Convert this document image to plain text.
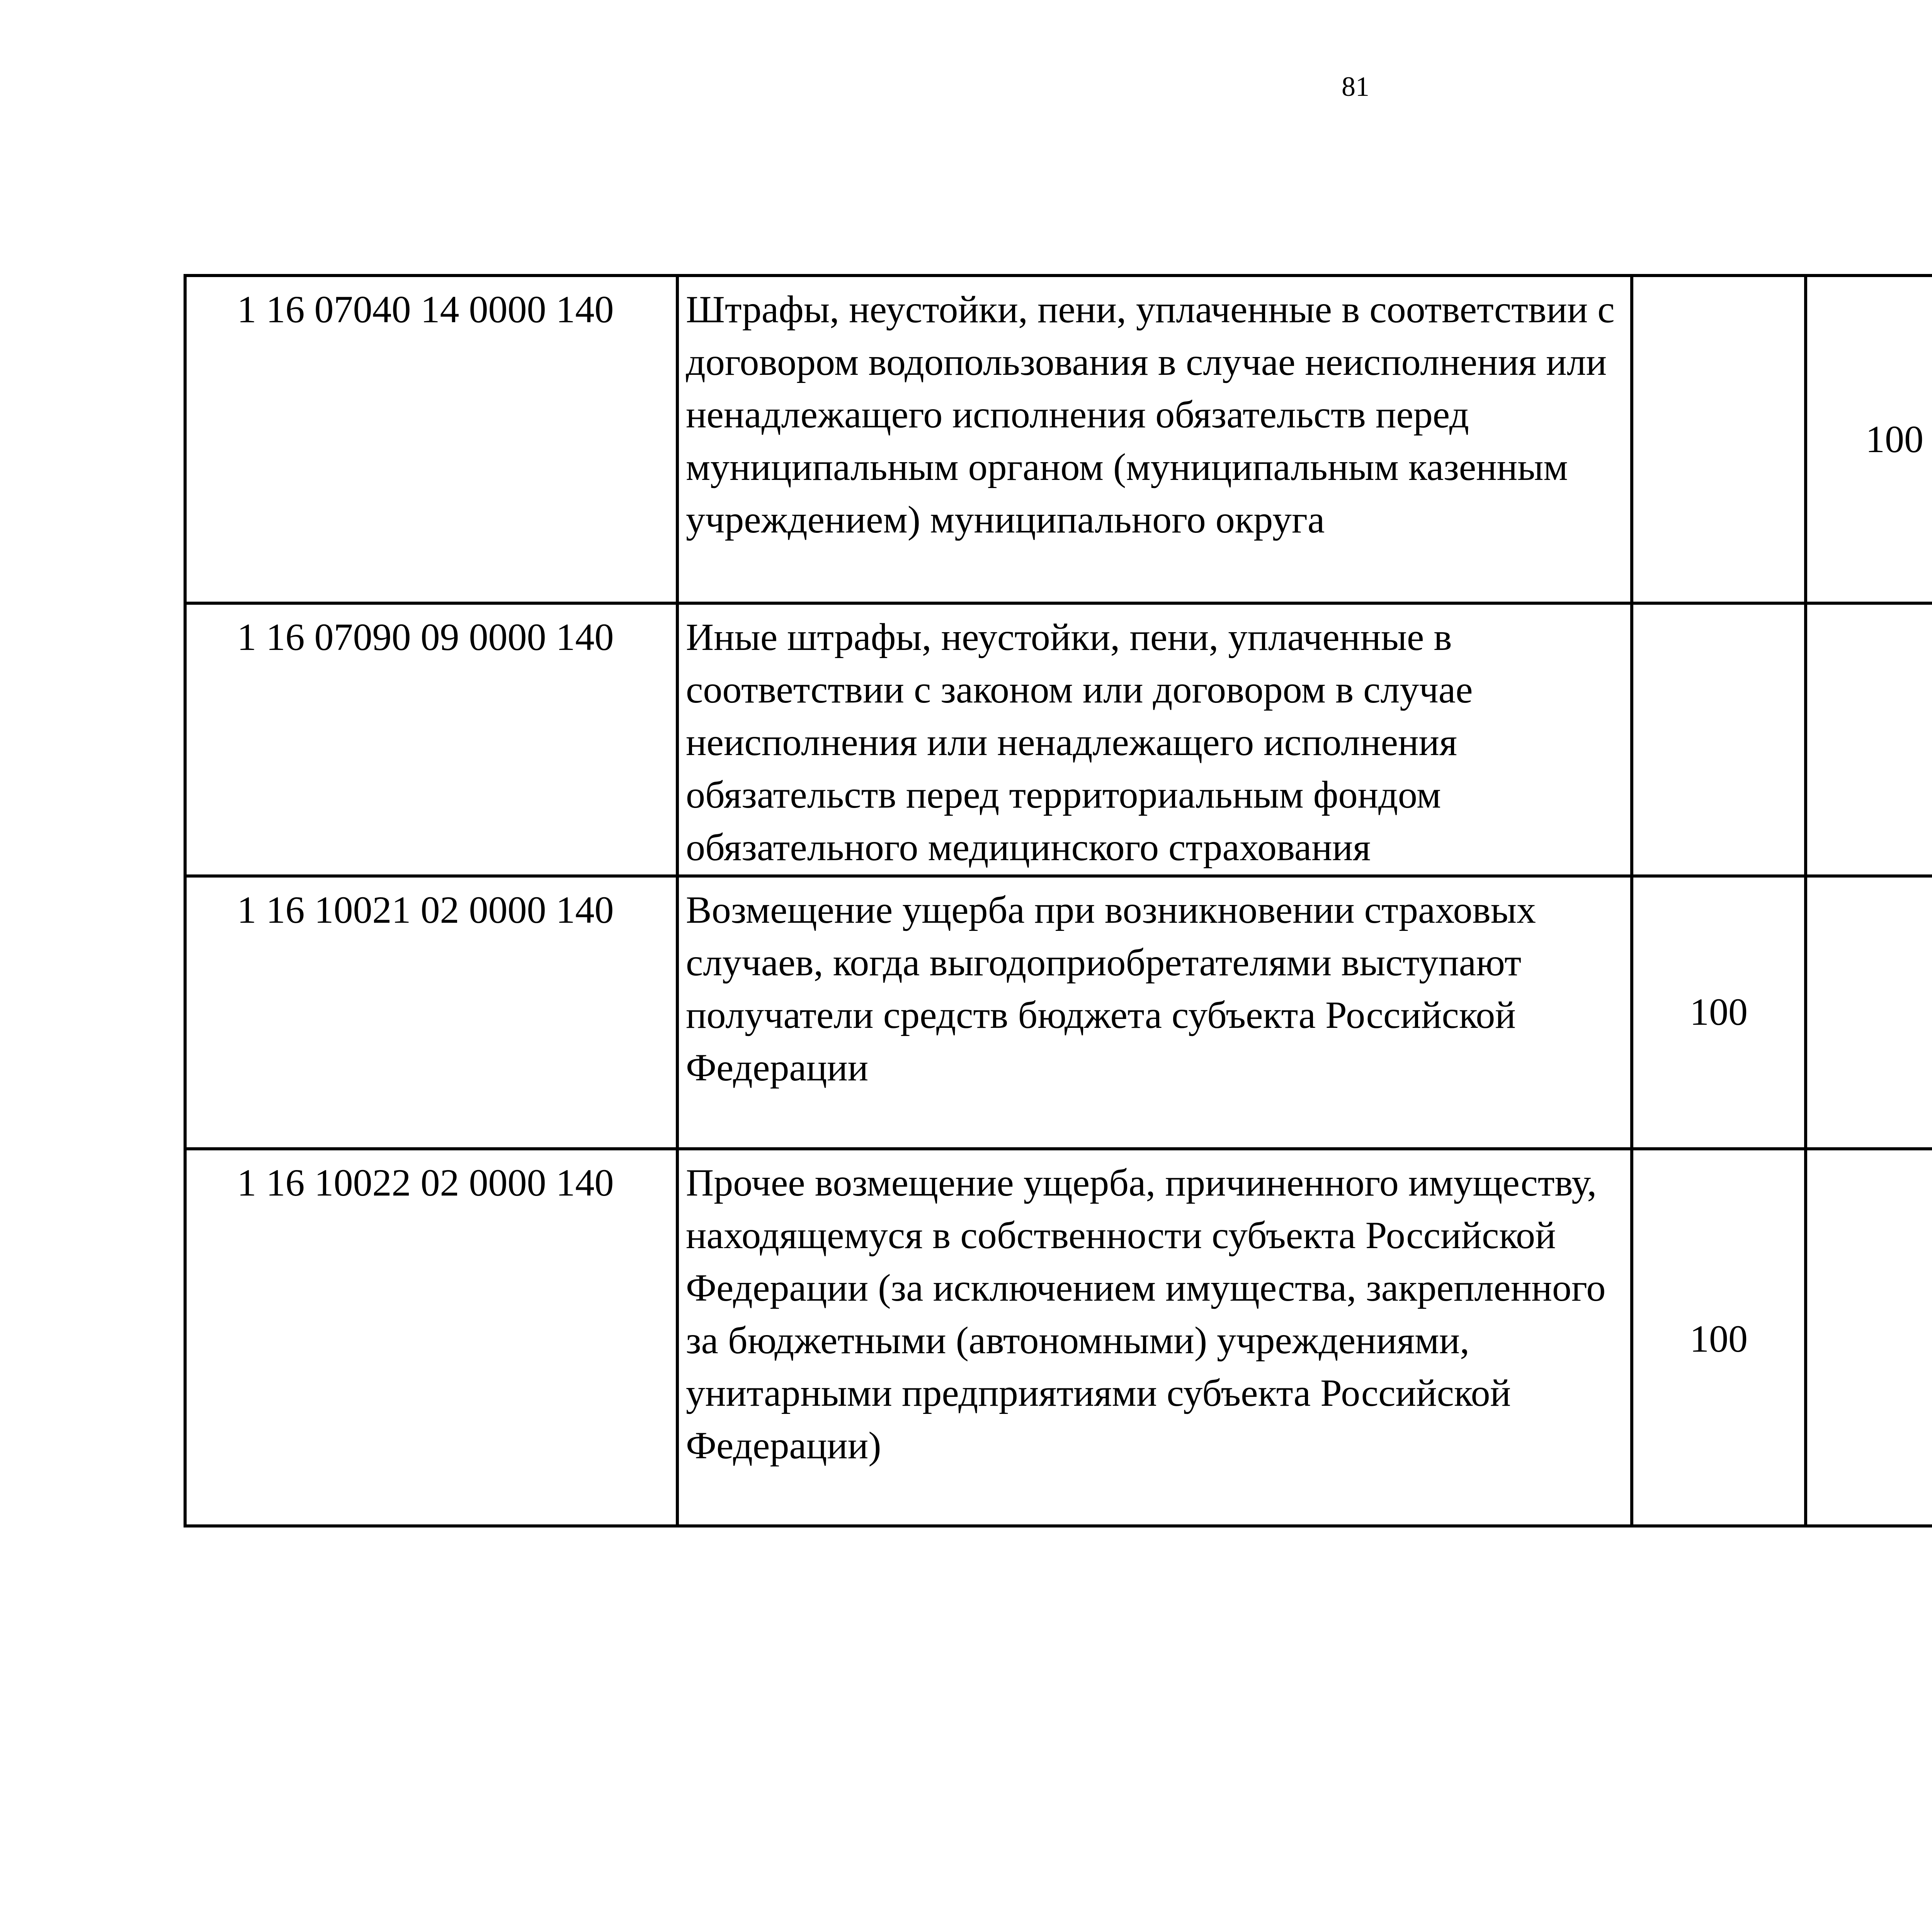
81
1 16 07040 14 0000 140	Штрафы, неустойки, пени, уплаченные в соответствии с договором водопользования в случае неисполнения или ненадлежащего исполнения обязательств перед муниципальным органом (муниципальным казенным учреждением) муниципального округа		100			
1 16 07090 09 0000 140	Иные штрафы, неустойки, пени, уплаченные в соответствии с законом или договором в случае неисполнения или ненадлежащего исполнения обязательств перед территориальным фондом обязательного медицинского страхования					
1 16 10021 02 0000 140	Возмещение ущерба при возникновении страховых случаев, когда выгодоприобретателями выступают получатели средств бюджета субъекта Российской Федерации	100				
1 16 10022 02 0000 140	Прочее возмещение ущерба, причиненного имуществу, находящемуся в собственности субъекта Российской Федерации (за исключением имущества, закрепленного за бюджетными (автономными) учреждениями, унитарными предприятиями субъекта Российской Федерации)	100				
